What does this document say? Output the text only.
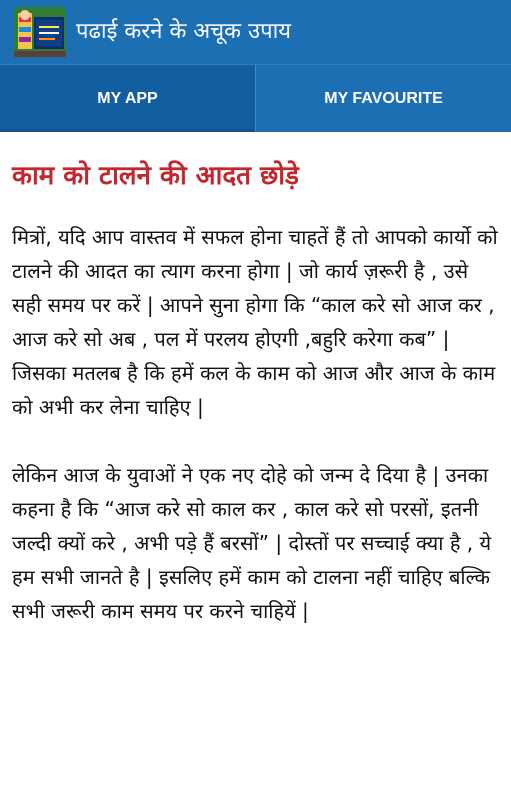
पढाई करने के अचूक उपाय
MY APP	MY FAVOURITE
काम को टालने की आदत छोड़े

मित्रों, यदि आप वास्तव में सफल होना चाहतें हैं तो आपको कार्यो को टालने की आदत का त्याग करना होगा | जो कार्य ज़रूरी है , उसे सही समय पर करें | आपने सुना होगा कि “काल करे सो आज कर , आज करे सो अब , पल में परलय होएगी ,बहुरि करेगा कब” | जिसका मतलब है कि हमें कल के काम को आज और आज के काम को अभी कर लेना चाहिए |

लेकिन आज के युवाओं ने एक नए दोहे को जन्म दे दिया है | उनका कहना है कि “आज करे सो काल कर , काल करे सो परसों, इतनी जल्दी क्यों करे , अभी पड़े हैं बरसों” | दोस्तों पर सच्चाई क्या है , ये हम सभी जानते है | इसलिए हमें काम को टालना नहीं चाहिए बल्कि सभी जरूरी काम समय पर करने चाहियें |
